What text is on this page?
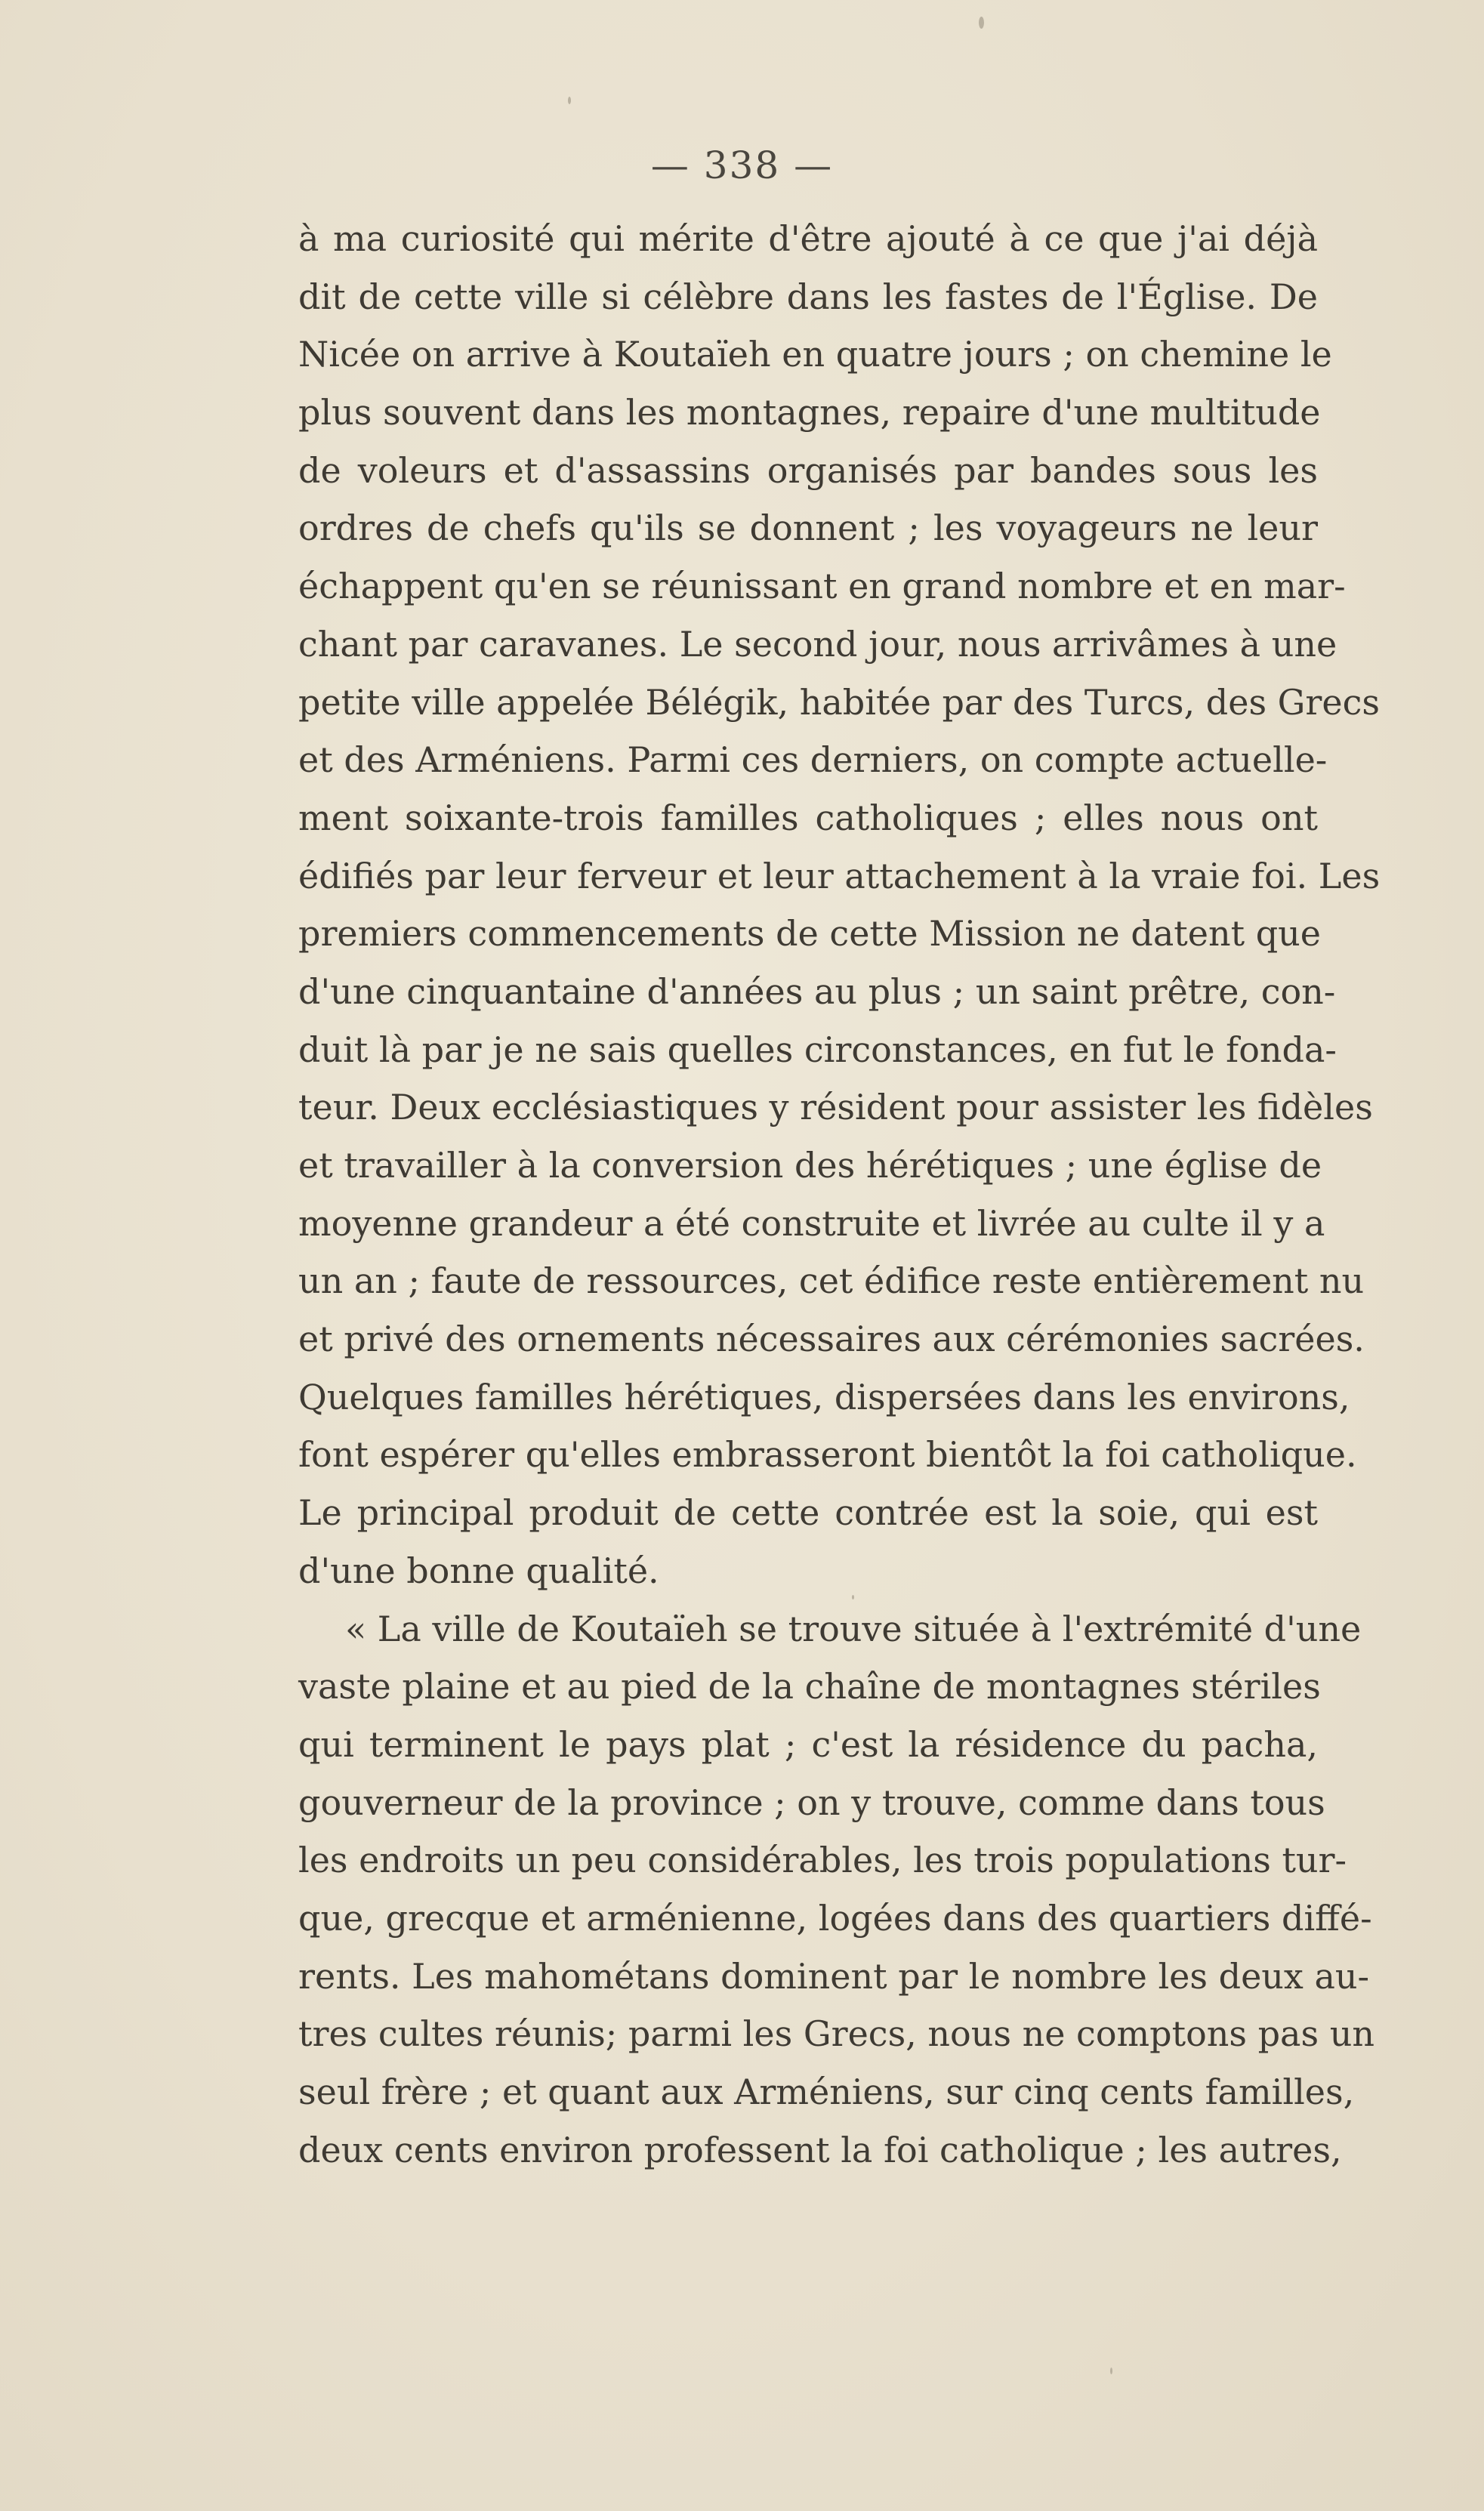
— 338 —
à ma curiosité qui mérite d'être ajouté à ce que j'ai déjà
dit de cette ville si célèbre dans les fastes de l'Église. De
Nicée on arrive à Koutaïeh en quatre jours ; on chemine le
plus souvent dans les montagnes, repaire d'une multitude
de voleurs et d'assassins organisés par bandes sous les
ordres de chefs qu'ils se donnent ; les voyageurs ne leur
échappent qu'en se réunissant en grand nombre et en mar-
chant par caravanes. Le second jour, nous arrivâmes à une
petite ville appelée Bélégik, habitée par des Turcs, des Grecs
et des Arméniens. Parmi ces derniers, on compte actuelle-
ment soixante-trois familles catholiques ; elles nous ont
édifiés par leur ferveur et leur attachement à la vraie foi. Les
premiers commencements de cette Mission ne datent que
d'une cinquantaine d'années au plus ; un saint prêtre, con-
duit là par je ne sais quelles circonstances, en fut le fonda-
teur. Deux ecclésiastiques y résident pour assister les fidèles
et travailler à la conversion des hérétiques ; une église de
moyenne grandeur a été construite et livrée au culte il y a
un an ; faute de ressources, cet édifice reste entièrement nu
et privé des ornements nécessaires aux cérémonies sacrées.
Quelques familles hérétiques, dispersées dans les environs,
font espérer qu'elles embrasseront bientôt la foi catholique.
Le principal produit de cette contrée est la soie, qui est
d'une bonne qualité.
« La ville de Koutaïeh se trouve située à l'extrémité d'une
vaste plaine et au pied de la chaîne de montagnes stériles
qui terminent le pays plat ; c'est la résidence du pacha,
gouverneur de la province ; on y trouve, comme dans tous
les endroits un peu considérables, les trois populations tur-
que, grecque et arménienne, logées dans des quartiers diffé-
rents. Les mahométans dominent par le nombre les deux au-
tres cultes réunis; parmi les Grecs, nous ne comptons pas un
seul frère ; et quant aux Arméniens, sur cinq cents familles,
deux cents environ professent la foi catholique ; les autres,
